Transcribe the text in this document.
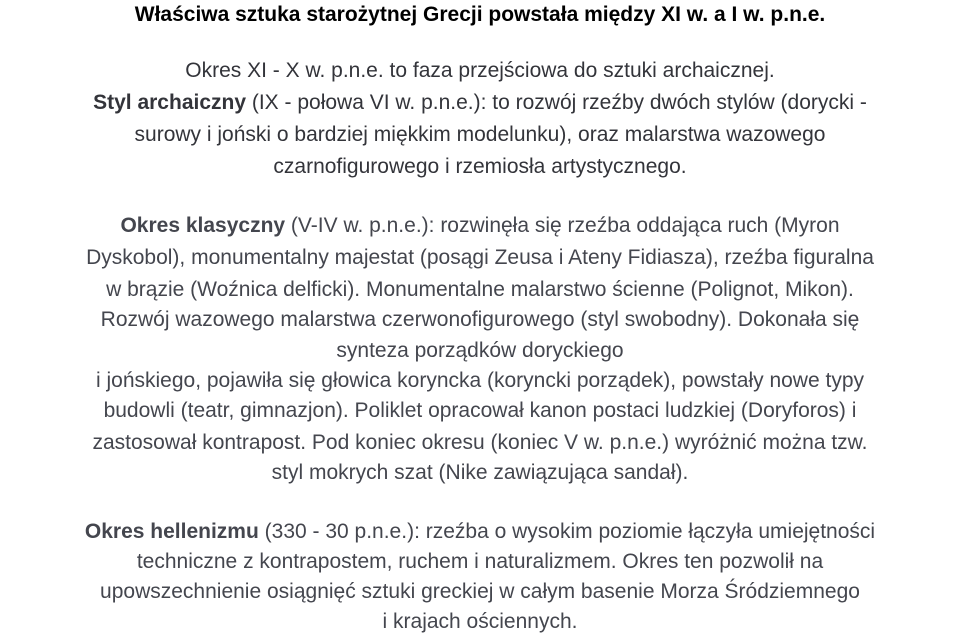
Właściwa sztuka starożytnej Grecji powstała między XI w. a I w. p.n.e.
Okres XI - X w. p.n.e. to faza przejściowa do sztuki archaicznej.
Styl archaiczny (IX - połowa VI w. p.n.e.): to rozwój rzeźby dwóch stylów (dorycki -
surowy i joński o bardziej miękkim modelunku), oraz malarstwa wazowego
czarnofigurowego i rzemiosła artystycznego.
Okres klasyczny (V-IV w. p.n.e.): rozwinęła się rzeźba oddająca ruch (Myron
Dyskobol), monumentalny majestat (posągi Zeusa i Ateny Fidiasza), rzeźba figuralna
w brązie (Woźnica delficki). Monumentalne malarstwo ścienne (Polignot, Mikon).
Rozwój wazowego malarstwa czerwonofigurowego (styl swobodny). Dokonała się
synteza porządków doryckiego
i jońskiego, pojawiła się głowica koryncka (koryncki porządek), powstały nowe typy
budowli (teatr, gimnazjon). Poliklet opracował kanon postaci ludzkiej (Doryforos) i
zastosował kontrapost. Pod koniec okresu (koniec V w. p.n.e.) wyróżnić można tzw.
styl mokrych szat (Nike zawiązująca sandał).
Okres hellenizmu (330 - 30 p.n.e.): rzeźba o wysokim poziomie łączyła umiejętności
techniczne z kontrapostem, ruchem i naturalizmem. Okres ten pozwolił na
upowszechnienie osiągnięć sztuki greckiej w całym basenie Morza Śródziemnego
i krajach ościennych.
